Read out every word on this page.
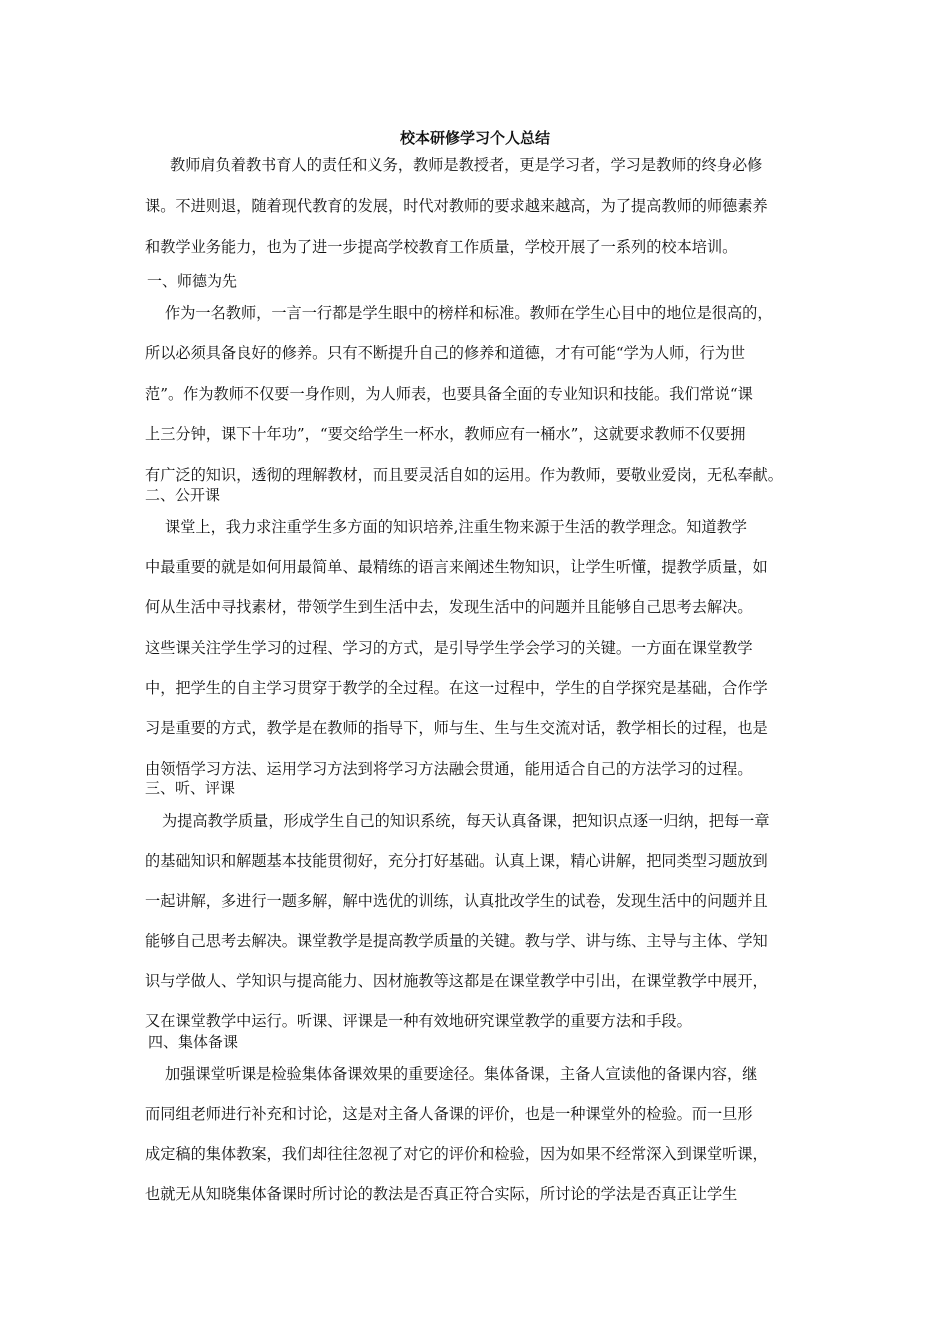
校本研修学习个人总结
教师肩负着教书育人的责任和义务，教师是教授者，更是学习者，学习是教师的终身必修
课。不进则退，随着现代教育的发展，时代对教师的要求越来越高，为了提高教师的师德素养
和教学业务能力，也为了进一步提高学校教育工作质量，学校开展了一系列的校本培训。
一、师德为先
作为一名教师，一言一行都是学生眼中的榜样和标准。教师在学生心目中的地位是很高的，
所以必须具备良好的修养。只有不断提升自己的修养和道德，才有可能“学为人师，行为世
范”。作为教师不仅要一身作则，为人师表，也要具备全面的专业知识和技能。我们常说“课
上三分钟，课下十年功”，“要交给学生一杯水，教师应有一桶水”，这就要求教师不仅要拥
有广泛的知识，透彻的理解教材，而且要灵活自如的运用。作为教师，要敬业爱岗，无私奉献。
二、公开课
课堂上，我力求注重学生多方面的知识培养,注重生物来源于生活的教学理念。知道教学
中最重要的就是如何用最简单、最精练的语言来阐述生物知识，让学生听懂，提教学质量，如
何从生活中寻找素材，带领学生到生活中去，发现生活中的问题并且能够自己思考去解决。
这些课关注学生学习的过程、学习的方式，是引导学生学会学习的关键。一方面在课堂教学
中，把学生的自主学习贯穿于教学的全过程。在这一过程中，学生的自学探究是基础，合作学
习是重要的方式，教学是在教师的指导下，师与生、生与生交流对话，教学相长的过程，也是
由领悟学习方法、运用学习方法到将学习方法融会贯通，能用适合自己的方法学习的过程。
三、听、评课
为提高教学质量，形成学生自己的知识系统，每天认真备课，把知识点逐一归纳，把每一章
的基础知识和解题基本技能贯彻好，充分打好基础。认真上课，精心讲解，把同类型习题放到
一起讲解，多进行一题多解，解中选优的训练，认真批改学生的试卷，发现生活中的问题并且
能够自己思考去解决。课堂教学是提高教学质量的关键。教与学、讲与练、主导与主体、学知
识与学做人、学知识与提高能力、因材施教等这都是在课堂教学中引出，在课堂教学中展开，
又在课堂教学中运行。听课、评课是一种有效地研究课堂教学的重要方法和手段。
四、集体备课
加强课堂听课是检验集体备课效果的重要途径。集体备课，主备人宣读他的备课内容，继
而同组老师进行补充和讨论，这是对主备人备课的评价，也是一种课堂外的检验。而一旦形
成定稿的集体教案，我们却往往忽视了对它的评价和检验，因为如果不经常深入到课堂听课，
也就无从知晓集体备课时所讨论的教法是否真正符合实际，所讨论的学法是否真正让学生
